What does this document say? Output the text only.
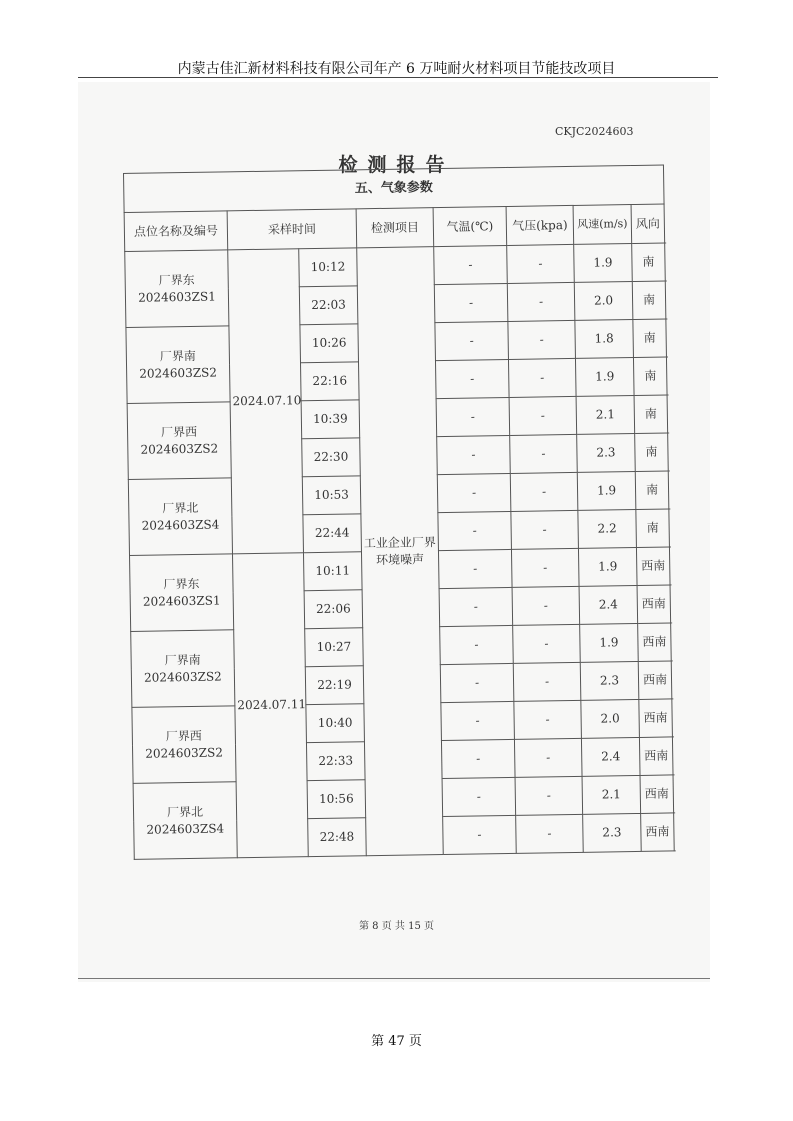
内蒙古佳汇新材料科技有限公司年产 6 万吨耐火材料项目节能技改项目
CKJC2024603
检测报告
五、气象参数							
点位名称及编号	采样时间		检测项目	气温(℃)	气压(kpa)	风速(m/s)	风向

厂界东
2024603ZS1	2024.07.10	10:12	工业企业厂界环境噪声	-	-	1.9	南
		22:03		-	-	2.0	南

厂界南
2024603ZS2		10:26		-	-	1.8	南
		22:16		-	-	1.9	南

厂界西
2024603ZS2		10:39		-	-	2.1	南
		22:30		-	-	2.3	南

厂界北
2024603ZS4		10:53		-	-	1.9	南
		22:44		-	-	2.2	南

厂界东
2024603ZS1	2024.07.11	10:11		-	-	1.9	西南
		22:06		-	-	2.4	西南

厂界南
2024603ZS2		10:27		-	-	1.9	西南
		22:19		-	-	2.3	西南

厂界西
2024603ZS2		10:40		-	-	2.0	西南
		22:33		-	-	2.4	西南

厂界北
2024603ZS4		10:56		-	-	2.1	西南
		22:48		-	-	2.3	西南
第 8 页 共 15 页
第 47 页
